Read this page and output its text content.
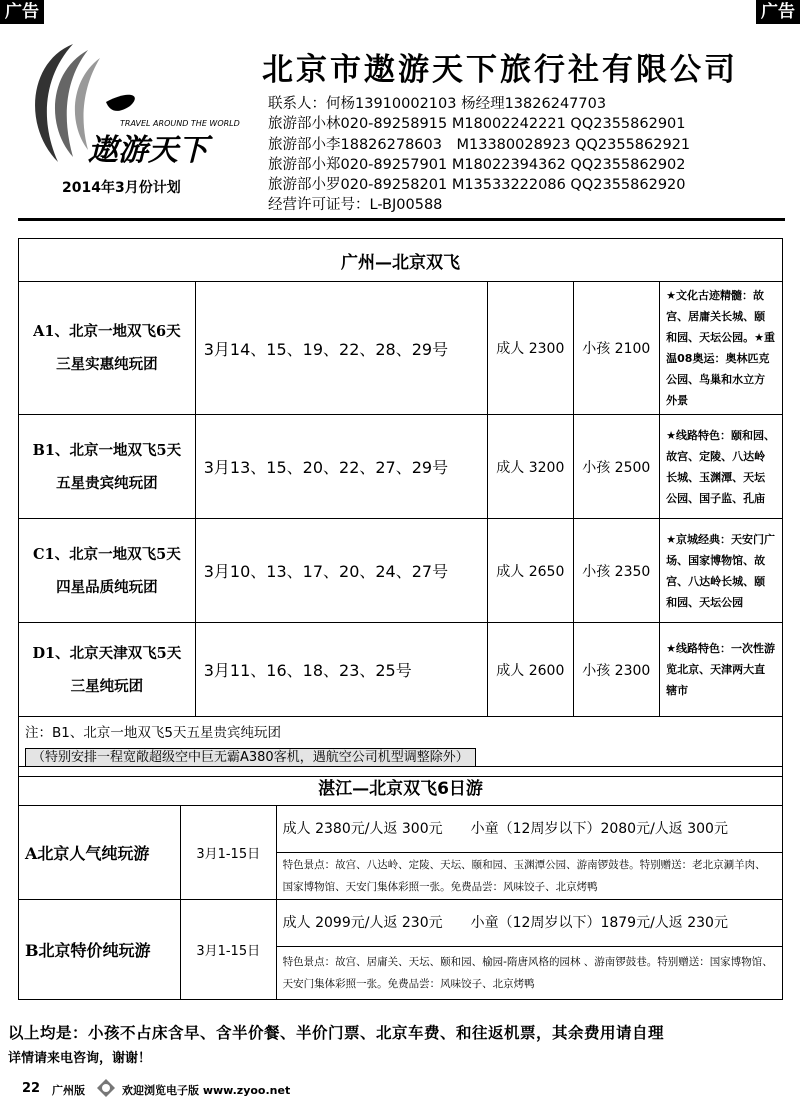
广告	广告
TRAVEL AROUND THE WORLD
遨游天下
2014年3月份计划
北京市遨游天下旅行社有限公司
联系人：何杨13910002103 杨经理13826247703
旅游部小林020-89258915 M18002242221 QQ2355862901
旅游部小李18826278603　M13380028923 QQ2355862921
旅游部小郑020-89257901 M18022394362 QQ2355862902
旅游部小罗020-89258201 M13533222086 QQ2355862920
经营许可证号：L-BJ00588
广州—北京双飞				

A1、北京一地双飞6天
三星实惠纯玩团	3月14、15、19、22、28、29号	成人 2300	小孩 2100	★文化古迹精髓：故宫、居庸关长城、颐和园、天坛公园。★重温08奥运：奥林匹克公园、鸟巢和水立方外景

B1、北京一地双飞5天
五星贵宾纯玩团	3月13、15、20、22、27、29号	成人 3200	小孩 2500	★线路特色：颐和园、故宫、定陵、八达岭长城、玉渊潭、天坛公园、国子监、孔庙

C1、北京一地双飞5天
四星品质纯玩团	3月10、13、17、20、24、27号	成人 2650	小孩 2350	★京城经典：天安门广场、国家博物馆、故宫、八达岭长城、颐和园、天坛公园

D1、北京天津双飞5天
三星纯玩团	3月11、16、18、23、25号	成人 2600	小孩 2300	★线路特色：一次性游览北京、天津两大直辖市

注：B1、北京一地双飞5天五星贵宾纯玩团
（特别安排一程宽敞超级空中巨无霸A380客机，遇航空公司机型调整除外）				
湛江—北京双飞6日游		
A北京人气纯玩游	3月1-15日	成人 2380元/人返 300元　　小童（12周岁以下）2080元/人返 300元
		特色景点：故宫、八达岭、定陵、天坛、颐和园、玉渊潭公园、游南锣鼓巷。特别赠送：老北京涮羊肉、国家博物馆、天安门集体彩照一张。免费品尝：风味饺子、北京烤鸭
B北京特价纯玩游	3月1-15日	成人 2099元/人返 230元　　小童（12周岁以下）1879元/人返 230元
		特色景点：故宫、居庸关、天坛、颐和园、榆园-隋唐风格的园林 、游南锣鼓巷。特别赠送：国家博物馆、天安门集体彩照一张。免费品尝：风味饺子、北京烤鸭
以上均是：小孩不占床含早、含半价餐、半价门票、北京车费、和往返机票，其余费用请自理
详情请来电咨询，谢谢！
22 广州版	欢迎浏览电子版 www.zyoo.net
